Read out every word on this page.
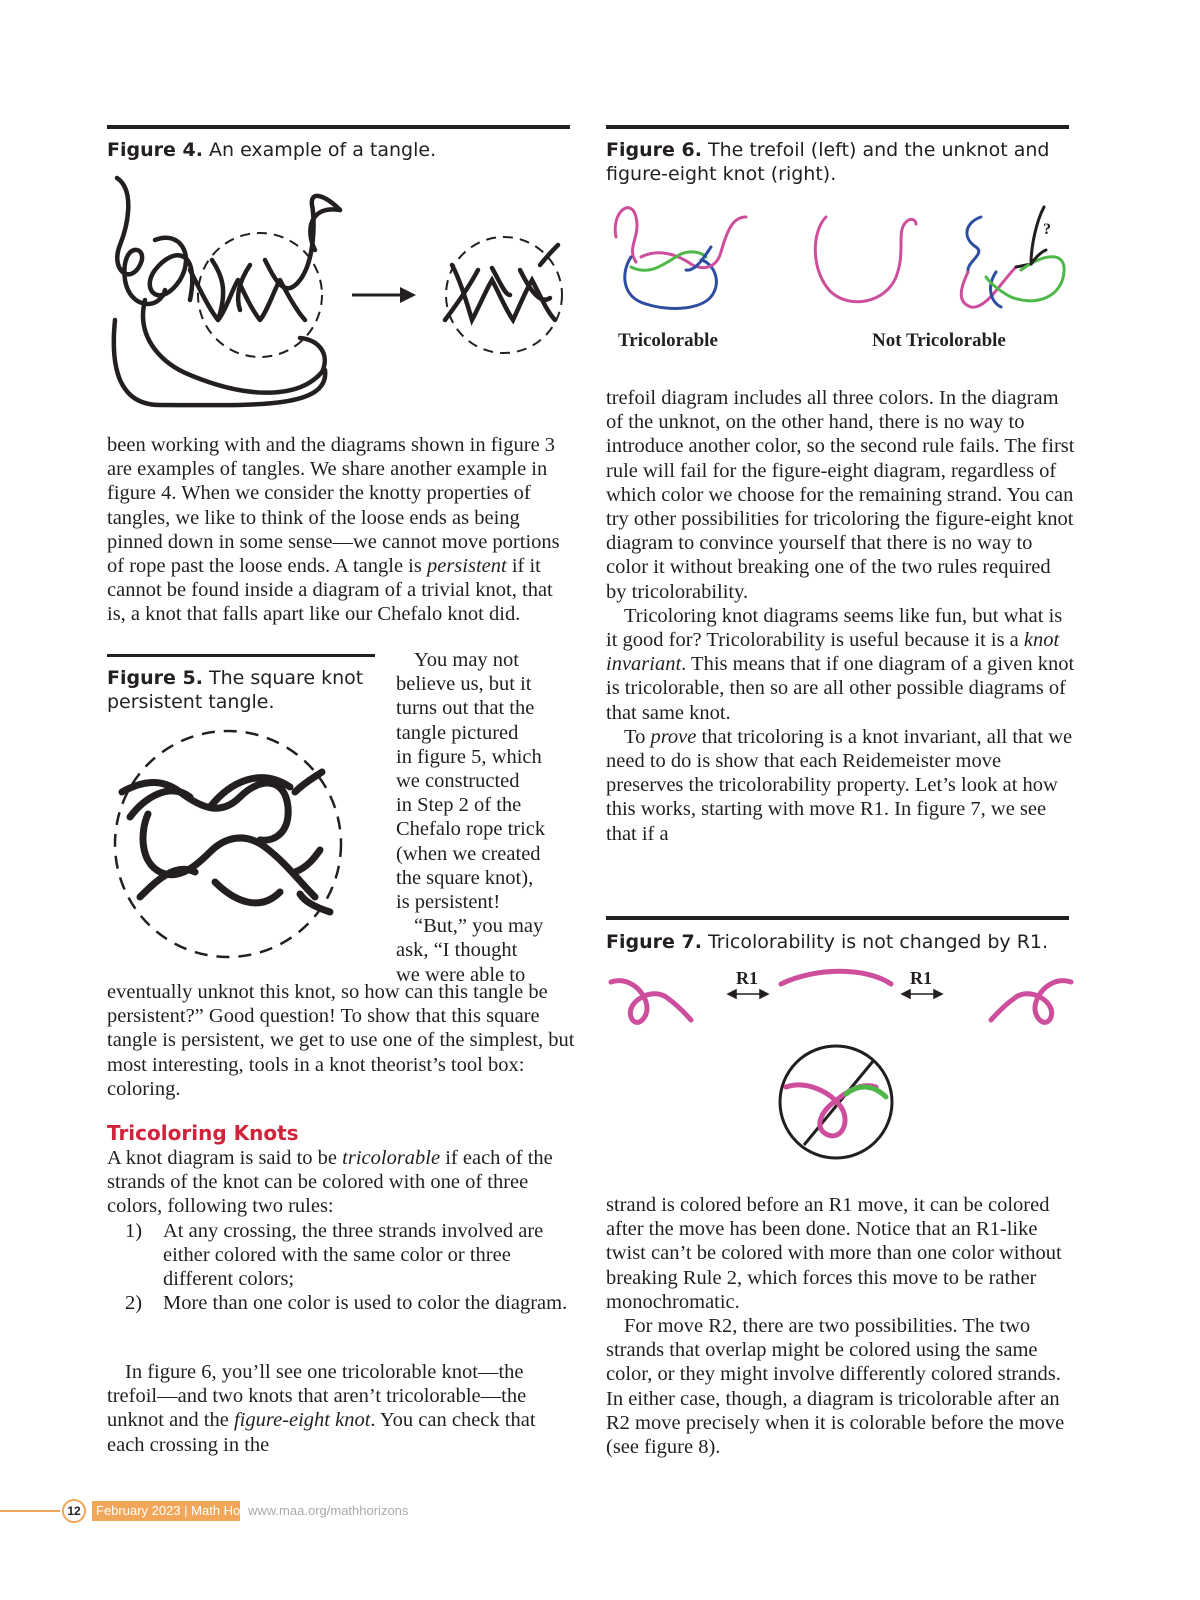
Figure 4. An example of a tangle.

been working with and the diagrams shown in figure 3 are examples of tangles. We share another example in figure 4. When we consider the knotty properties of tangles, we like to think of the loose ends as being pinned down in some sense—we cannot move portions of rope past the loose ends. A tangle is persistent if it cannot be found inside a diagram of a trivial knot, that is, a knot that falls apart like our Chefalo knot did.

Figure 5. The square knot persistent tangle.

You may not

believe us, but it

turns out that the

tangle pictured

in figure 5, which

we constructed

in Step 2 of the

Chefalo rope trick

(when we created

the square knot),

is persistent!

“But,” you may

ask, “I thought

we were able to

eventually unknot this knot, so how can this tangle be persistent?” Good question! To show that this square tangle is persistent, we get to use one of the simplest, but most interesting, tools in a knot theorist’s tool box: coloring.

Tricoloring Knots

A knot diagram is said to be tricolorable if each of the strands of the knot can be colored with one of three colors, following two rules:

1)	At any crossing, the three strands involved are either colored with the same color or three different colors;
2)	More than one color is used to color the diagram.

In figure 6, you’ll see one tricolorable knot—the trefoil—and two knots that aren’t tricolorable—the unknot and the figure-eight knot. You can check that each crossing in the

Figure 6. The trefoil (left) and the unknot and figure-eight knot (right).
?
Tricolorable	Not Tricolorable

trefoil diagram includes all three colors. In the diagram of the unknot, on the other hand, there is no way to introduce another color, so the second rule fails. The first rule will fail for the figure-eight diagram, regardless of which color we choose for the remaining strand. You can try other possibilities for tricoloring the figure-eight knot diagram to convince yourself that there is no way to color it without breaking one of the two rules required by tricolorability.

Tricoloring knot diagrams seems like fun, but what is it good for? Tricolorability is useful because it is a knot invariant. This means that if one diagram of a given knot is tricolorable, then so are all other possible diagrams of that same knot.

To prove that tricoloring is a knot invariant, all that we need to do is show that each Reidemeister move preserves the tricolorability property. Let’s look at how this works, starting with move R1. In figure 7, we see that if a

Figure 7. Tricolorability is not changed by R1.
R1	R1

strand is colored before an R1 move, it can be colored after the move has been done. Notice that an R1-like twist can’t be colored with more than one color without breaking Rule 2, which forces this move to be rather monochromatic.

For move R2, there are two possibilities. The two strands that overlap might be colored using the same color, or they might involve differently colored strands. In either case, though, a diagram is tricolorable after an R2 move precisely when it is colorable before the move (see figure 8).

12	February 2023 | Math Horizons
www.maa.org/mathhorizons
